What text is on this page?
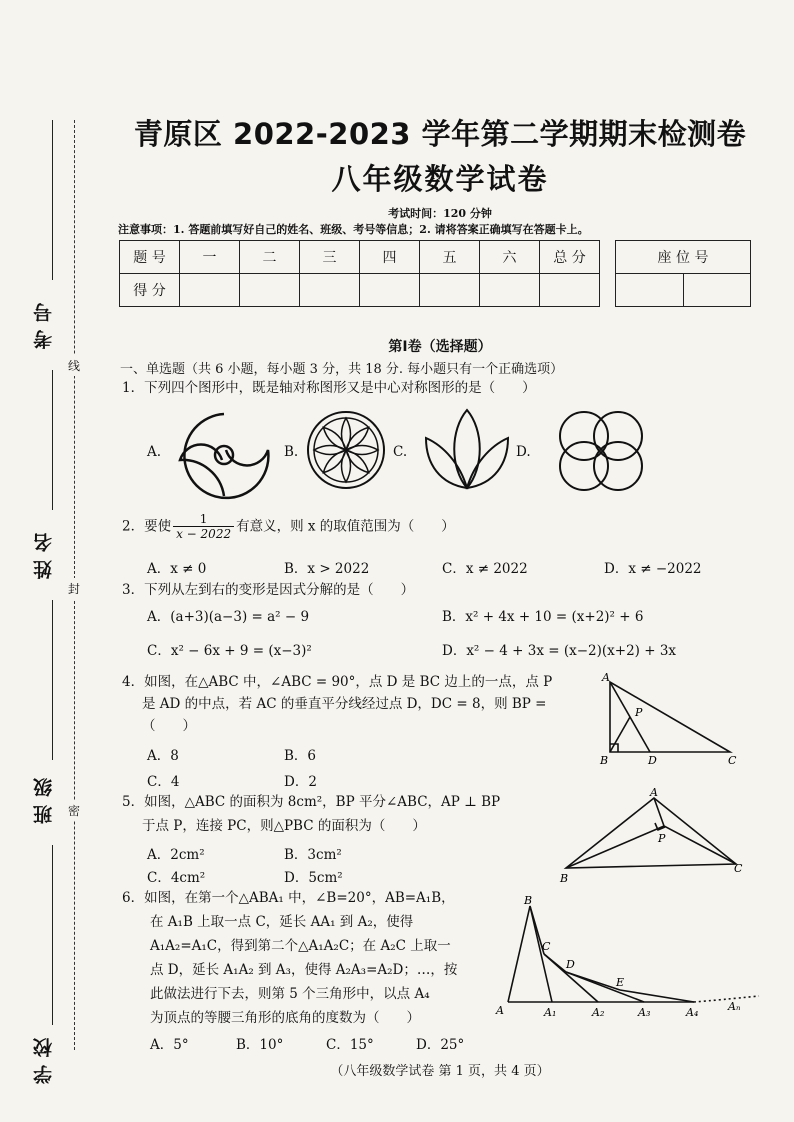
考号
姓名
班级
学校
线
封
密
青原区 2022-2023 学年第二学期期末检测卷
八年级数学试卷
考试时间：120 分钟
注意事项：1. 答题前填写好自己的姓名、班级、考号等信息；2. 请将答案正确填写在答题卡上。
题 号	一	二	三	四	五	六	总 分
得 分							
座 位 号

第Ⅰ卷（选择题）
一、单选题（共 6 小题，每小题 3 分，共 18 分. 每小题只有一个正确选项）
1．下列四个图形中，既是轴对称图形又是中心对称图形的是（　　）
A.	B.	C.	D.
2．要使 $\frac{1}{x - 2022}$ 有意义，则 x 的取值范围为（　　）
A．x ≠ 0	B．x > 2022	C．x ≠ 2022	D．x ≠ −2022
3．下列从左到右的变形是因式分解的是（　　）
A．(a+3)(a−3) = a² − 9	B．x² + 4x + 10 = (x+2)² + 6
C．x² − 6x + 9 = (x−3)²	D．x² − 4 + 3x = (x−2)(x+2) + 3x
4．如图，在△ABC 中，∠ABC = 90°，点 D 是 BC 边上的一点，点 P
是 AD 的中点，若 AC 的垂直平分线经过点 D，DC = 8，则 BP =
（　　）
A．8	B．6
C．4	D．2
A
P
B	D	C
5．如图，△ABC 的面积为 8cm²，BP 平分∠ABC，AP ⊥ BP
于点 P，连接 PC，则△PBC 的面积为（　　）
A．2cm²	B．3cm²
C．4cm²	D．5cm²
A
P
B
C
6．如图，在第一个△ABA₁ 中，∠B=20°，AB=A₁B，
在 A₁B 上取一点 C，延长 AA₁ 到 A₂，使得
A₁A₂=A₁C，得到第二个△A₁A₂C；在 A₂C 上取一
点 D，延长 A₁A₂ 到 A₃，使得 A₂A₃=A₂D；…，按
此做法进行下去，则第 5 个三角形中，以点 A₄
为顶点的等腰三角形的底角的度数为（　　）
A．5°	B．10°	C．15°	D．25°
B
C
D
E
A	A₁	A₂	A₃	A₄	Aₙ
（八年级数学试卷 第 1 页，共 4 页）
